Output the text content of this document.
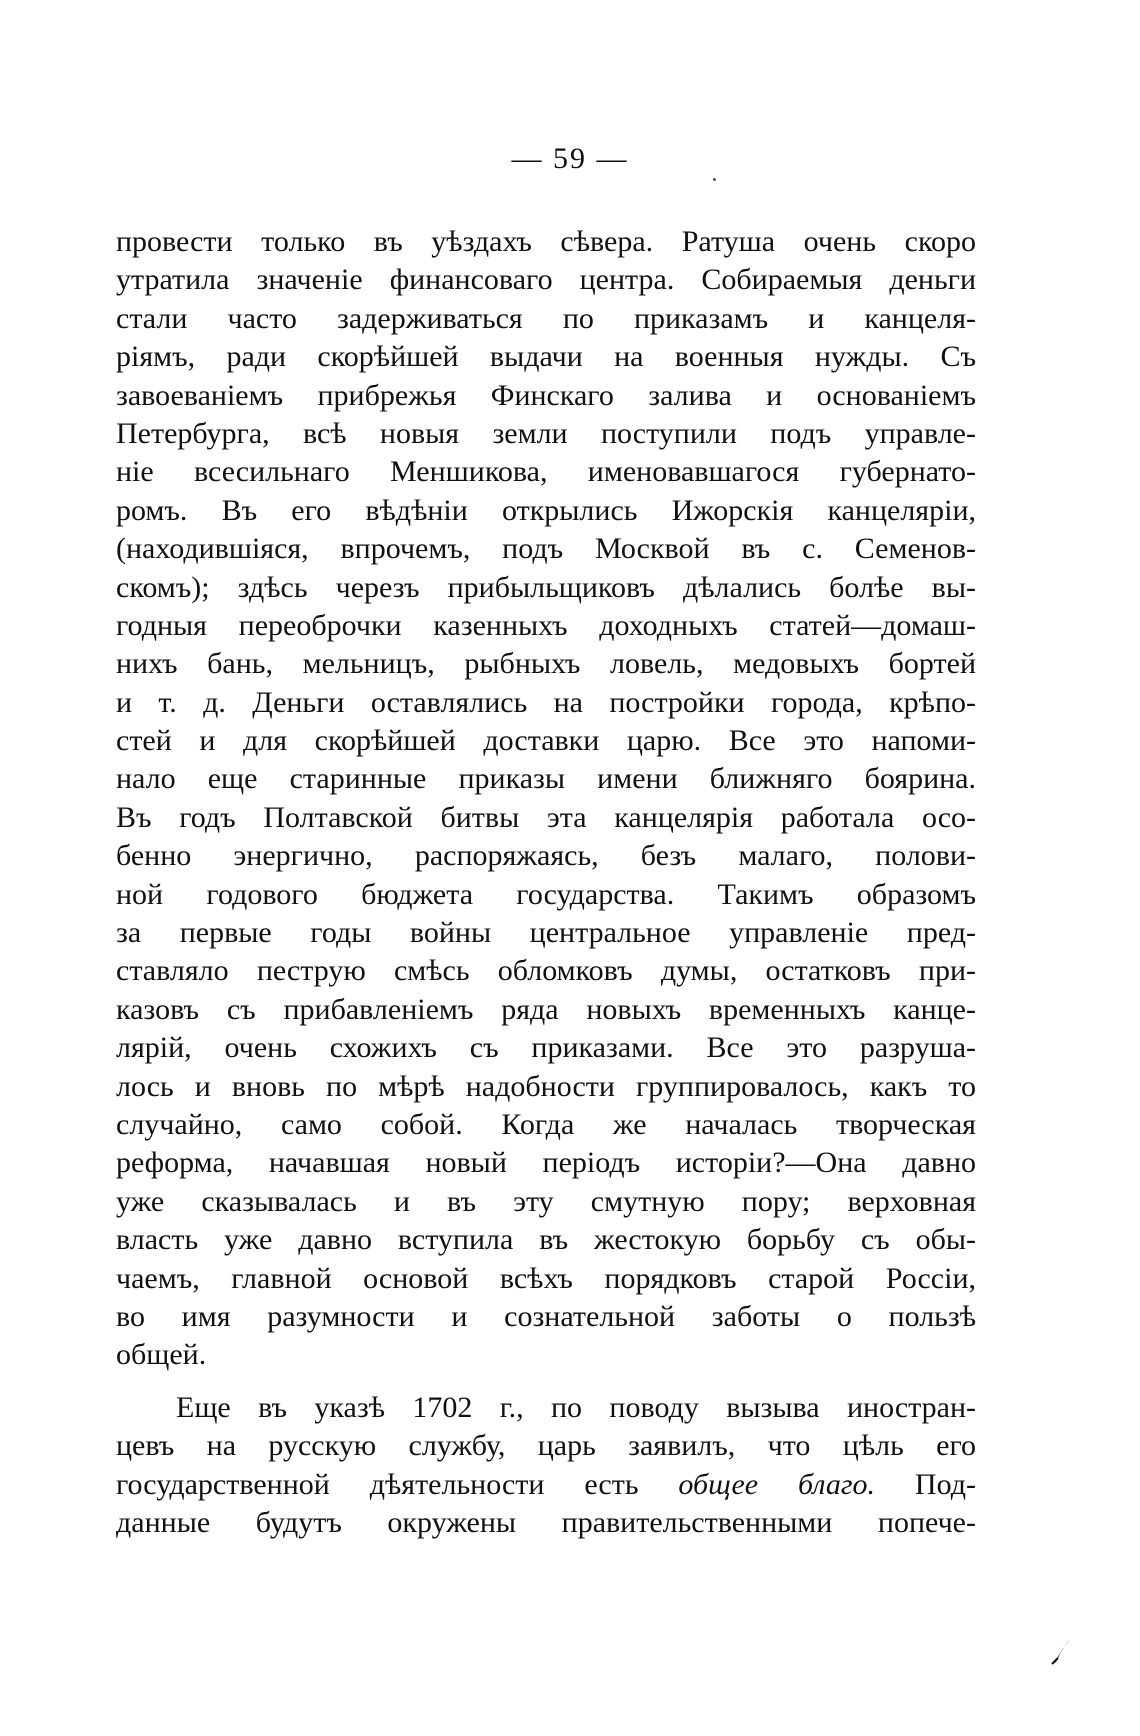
— 59 —
провести только въ уѣздахъ сѣвера. Ратуша очень скоро
утратила значеніе финансоваго центра. Собираемыя деньги
стали часто задерживаться по приказамъ и канцеля-
ріямъ, ради скорѣйшей выдачи на военныя нужды. Съ
завоеваніемъ прибрежья Финскаго залива и основаніемъ
Петербурга, всѣ новыя земли поступили подъ управле-
ніе всесильнаго Меншикова, именовавшагося губернато-
ромъ. Въ его вѣдѣніи открылись Ижорскія канцеляріи,
(находившіяся, впрочемъ, подъ Москвой въ с. Семенов-
скомъ); здѣсь черезъ прибыльщиковъ дѣлались болѣе вы-
годныя переоброчки казенныхъ доходныхъ статей—домаш-
нихъ бань, мельницъ, рыбныхъ ловель, медовыхъ бортей
и т. д. Деньги оставлялись на постройки города, крѣпо-
стей и для скорѣйшей доставки царю. Все это напоми-
нало еще старинные приказы имени ближняго боярина.
Въ годъ Полтавской битвы эта канцелярія работала осо-
бенно энергично, распоряжаясь, безъ малаго, полови-
ной годового бюджета государства. Такимъ образомъ
за первые годы войны центральное управленіе пред-
ставляло пеструю смѣсь обломковъ думы, остатковъ при-
казовъ съ прибавленіемъ ряда новыхъ временныхъ канце-
лярій, очень схожихъ съ приказами. Все это разруша-
лось и вновь по мѣрѣ надобности группировалось, какъ то
случайно, само собой. Когда же началась творческая
реформа, начавшая новый періодъ исторіи?—Она давно
уже сказывалась и въ эту смутную пору; верховная
власть уже давно вступила въ жестокую борьбу съ обы-
чаемъ, главной основой всѣхъ порядковъ старой Россіи,
во имя разумности и сознательной заботы о пользѣ
общей.
Еще въ указѣ 1702 г., по поводу вызыва иностран-
цевъ на русскую службу, царь заявилъ, что цѣль его
государственной дѣятельности есть общее благо. Под-
данные будутъ окружены правительственными попече-
